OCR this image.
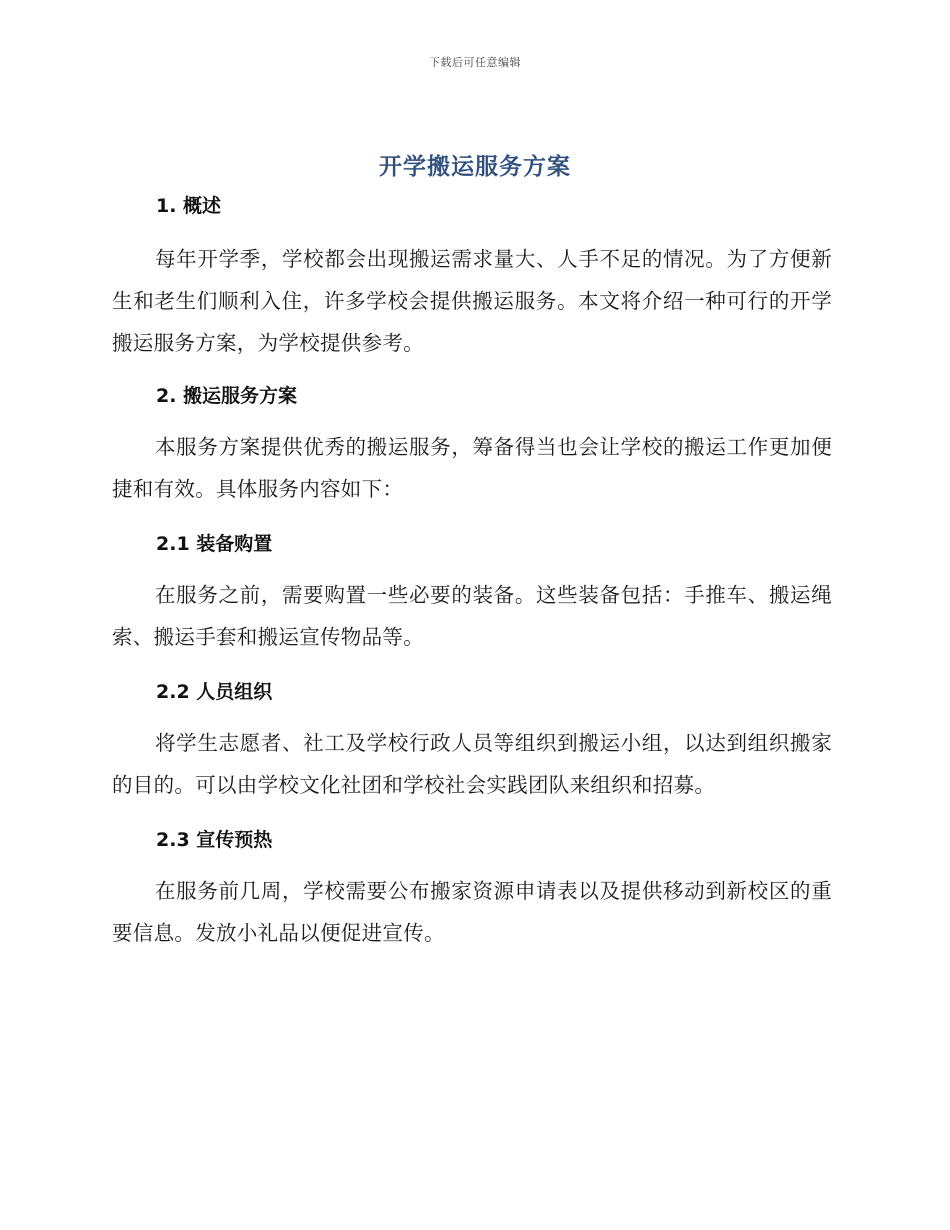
下载后可任意编辑
开学搬运服务方案
1. 概述

每年开学季，学校都会出现搬运需求量大、人手不足的情况。为了方便新生和老生们顺利入住，许多学校会提供搬运服务。本文将介绍一种可行的开学搬运服务方案，为学校提供参考。

2. 搬运服务方案

本服务方案提供优秀的搬运服务，筹备得当也会让学校的搬运工作更加便捷和有效。具体服务内容如下：

2.1 装备购置

在服务之前，需要购置一些必要的装备。这些装备包括：手推车、搬运绳索、搬运手套和搬运宣传物品等。

2.2 人员组织

将学生志愿者、社工及学校行政人员等组织到搬运小组，以达到组织搬家的目的。可以由学校文化社团和学校社会实践团队来组织和招募。

2.3 宣传预热

在服务前几周，学校需要公布搬家资源申请表以及提供移动到新校区的重要信息。发放小礼品以便促进宣传。
